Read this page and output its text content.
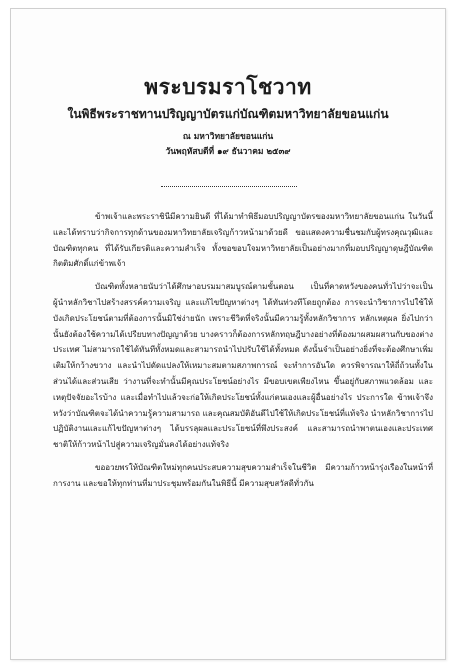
พระบรมราโชวาท
ในพิธีพระราชทานปริญญาบัตรแก่บัณฑิตมหาวิทยาลัยขอนแก่น
ณ มหาวิทยาลัยขอนแก่น
วันพฤหัสบดีที่ ๑๙ ธันวาคม ๒๕๓๙

ข้าพเจ้าและพระราชินีมีความยินดี ที่ได้มาทำพิธีมอบปริญญาบัตรของมหาวิทยาลัยขอนแก่น ในวันนี้ และได้ทราบว่ากิจการทุกด้านของมหาวิทยาลัยเจริญก้าวหน้ามาด้วยดี ขอแสดงความชื่นชมกับผู้ทรงคุณวุฒิและบัณฑิตทุกคน ที่ได้รับเกียรติและความสำเร็จ ทั้งขอขอบใจมหาวิทยาลัยเป็นอย่างมากที่มอบปริญญาดุษฎีบัณฑิตกิตติมศักดิ์แก่ข้าพเจ้า

บัณฑิตทั้งหลายนับว่าได้ศึกษาอบรมมาสมบูรณ์ตามขั้นตอน เป็นที่คาดหวังของคนทั่วไปว่าจะเป็นผู้นำหลักวิชาไปสร้างสรรค์ความเจริญ และแก้ไขปัญหาต่างๆ ได้ทันท่วงทีโดยถูกต้อง การจะนำวิชาการไปใช้ให้บังเกิดประโยชน์ตามที่ต้องการนั้นมิใช่ง่ายนัก เพราะชีวิตที่จริงนั้นมีความรู้ทั้งหลักวิชาการ หลักเหตุผล ยิ่งไปกว่านั้นยังต้องใช้ความได้เปรียบทางปัญญาด้วย บางคราวก็ต้องการหลักทฤษฎีบางอย่างที่ต้องมาผสมผสานกับของต่างประเทศ ไม่สามารถใช้ได้ทันทีทั้งหมดและสามารถนำไปปรับใช้ได้ทั้งหมด ดังนั้นจำเป็นอย่างยิ่งที่จะต้องศึกษาเพิ่มเติมให้กว้างขวาง และนำไปดัดแปลงให้เหมาะสมตามสภาพการณ์ จะทำการอันใด ควรพิจารณาให้ถี่ถ้วนทั้งในส่วนได้และส่วนเสีย ว่างานที่จะทำนั้นมีคุณประโยชน์อย่างไร มีขอบเขตเพียงไหน ขึ้นอยู่กับสภาพแวดล้อม และเหตุปัจจัยอะไรบ้าง และเมื่อทำไปแล้วจะก่อให้เกิดประโยชน์ทั้งแก่ตนเองและผู้อื่นอย่างไร ประการใด ข้าพเจ้าจึงหวังว่าบัณฑิตจะได้นำความรู้ความสามารถ และคุณสมบัติอันดีไปใช้ให้เกิดประโยชน์ที่แท้จริง นำหลักวิชาการไปปฏิบัติงานและแก้ไขปัญหาต่างๆ ได้บรรลุผลและประโยชน์ที่พึงประสงค์ และสามารถนำพาตนเองและประเทศชาติให้ก้าวหน้าไปสู่ความเจริญมั่นคงได้อย่างแท้จริง

ขออวยพรให้บัณฑิตใหม่ทุกคนประสบความสุขความสำเร็จในชีวิต มีความก้าวหน้ารุ่งเรืองในหน้าที่การงาน และขอให้ทุกท่านที่มาประชุมพร้อมกันในพิธีนี้ มีความสุขสวัสดีทั่วกัน
